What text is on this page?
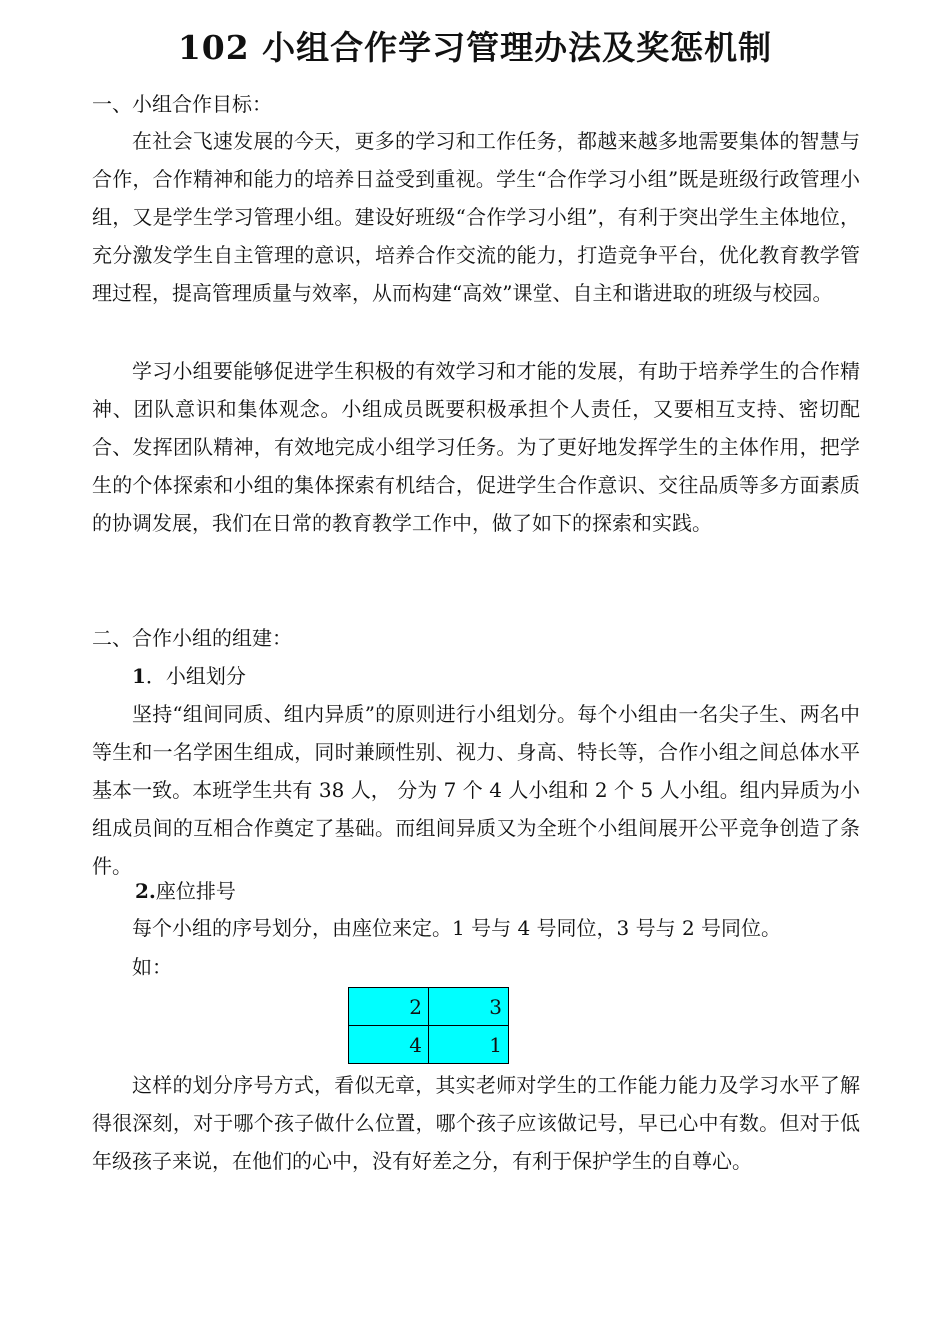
102 小组合作学习管理办法及奖惩机制
一、小组合作目标：

在社会飞速发展的今天，更多的学习和工作任务，都越来越多地需要集体的智慧与合作，合作精神和能力的培养日益受到重视。学生“合作学习小组”既是班级行政管理小组，又是学生学习管理小组。建设好班级“合作学习小组”，有利于突出学生主体地位，充分激发学生自主管理的意识，培养合作交流的能力，打造竞争平台，优化教育教学管理过程，提高管理质量与效率，从而构建“高效”课堂、自主和谐进取的班级与校园。

学习小组要能够促进学生积极的有效学习和才能的发展，有助于培养学生的合作精神、团队意识和集体观念。小组成员既要积极承担个人责任，又要相互支持、密切配合、发挥团队精神，有效地完成小组学习任务。为了更好地发挥学生的主体作用，把学生的个体探索和小组的集体探索有机结合，促进学生合作意识、交往品质等多方面素质的协调发展，我们在日常的教育教学工作中，做了如下的探索和实践。

二、合作小组的组建：
1．小组划分

坚持“组间同质、组内异质”的原则进行小组划分。每个小组由一名尖子生、两名中等生和一名学困生组成，同时兼顾性别、视力、身高、特长等，合作小组之间总体水平基本一致。本班学生共有 38 人， 分为 7 个 4 人小组和 2 个 5 人小组。组内异质为小组成员间的互相合作奠定了基础。而组间异质又为全班个小组间展开公平竞争创造了条件。

2.座位排号
每个小组的序号划分，由座位来定。1 号与 4 号同位，3 号与 2 号同位。
如：
2	3
4	1

这样的划分序号方式，看似无章，其实老师对学生的工作能力能力及学习水平了解得很深刻，对于哪个孩子做什么位置，哪个孩子应该做记号，早已心中有数。但对于低年级孩子来说，在他们的心中，没有好差之分，有利于保护学生的自尊心。
